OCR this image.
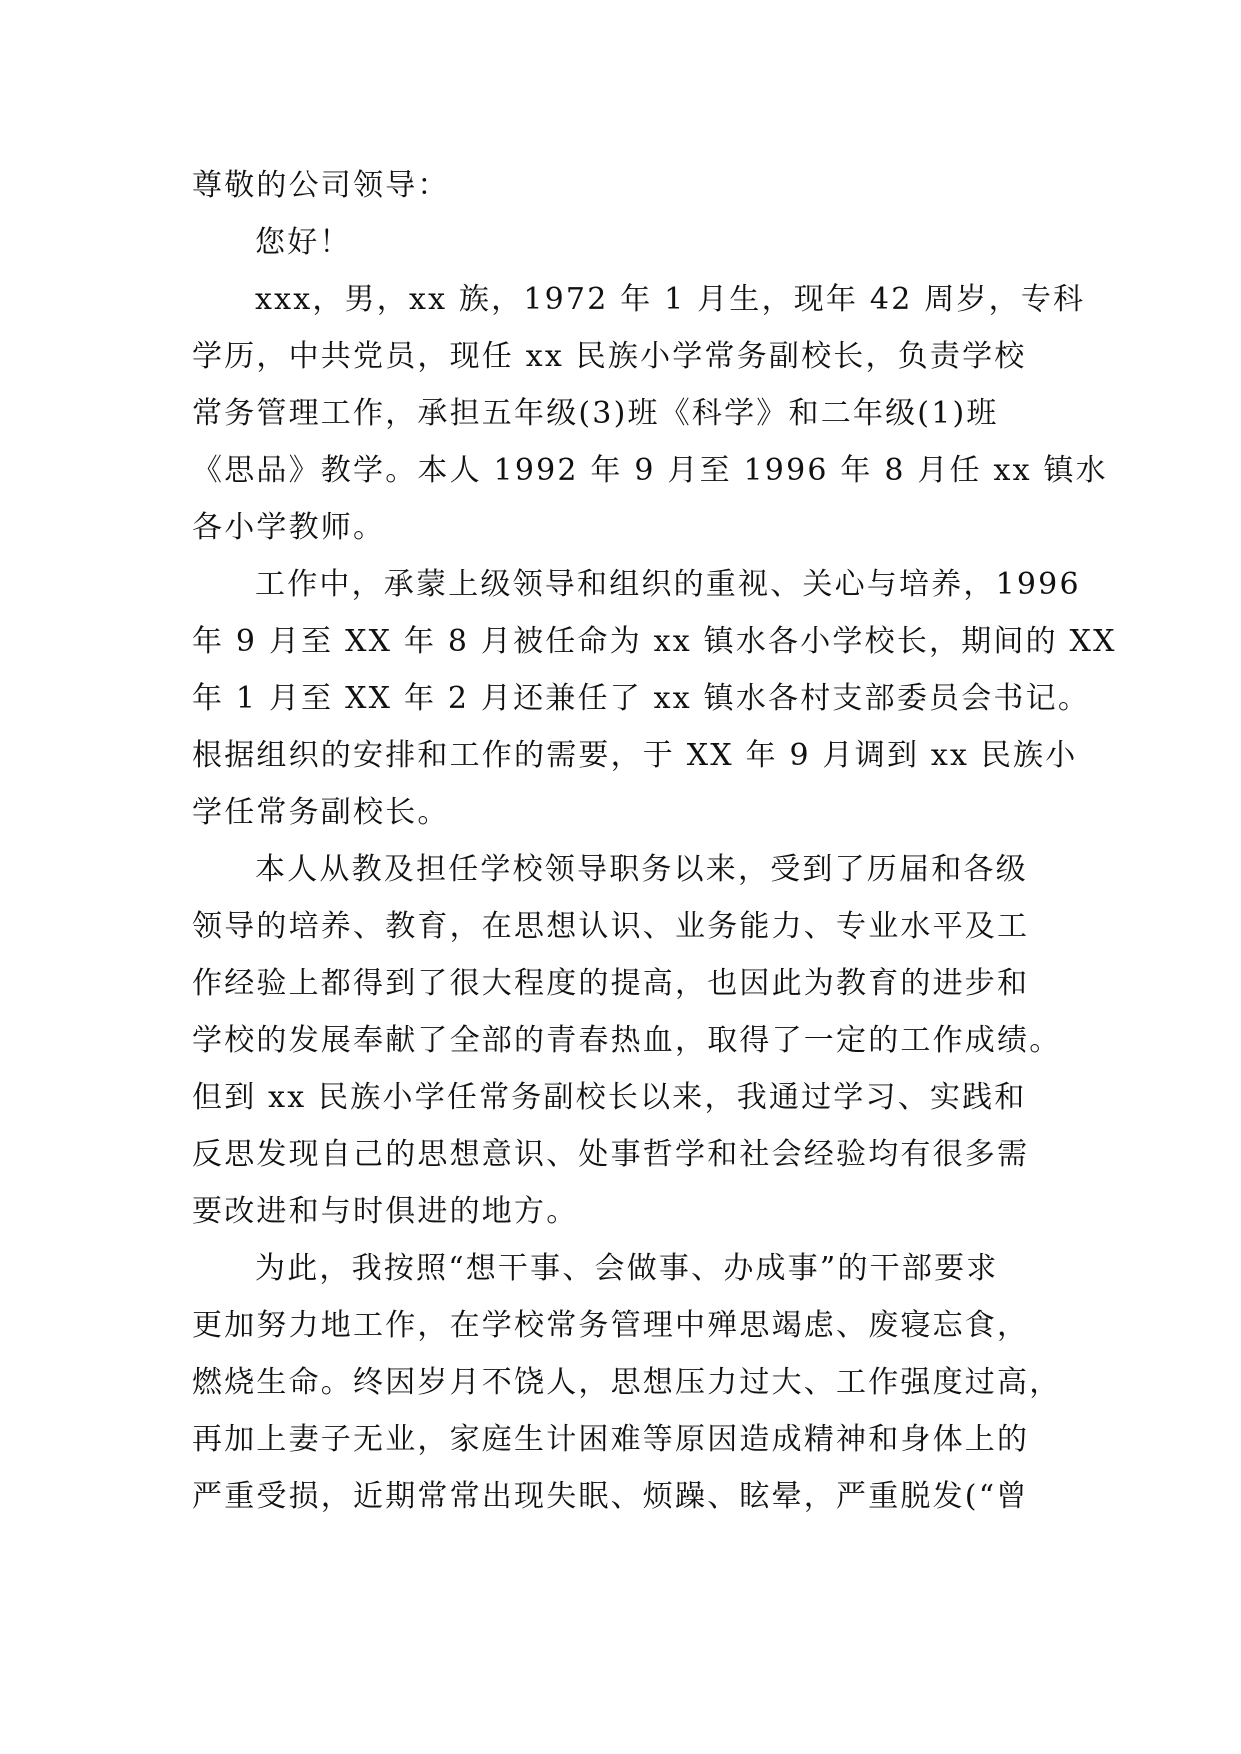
尊敬的公司领导：
您好！
xxx，男，xx 族，1972 年 1 月生，现年 42 周岁，专科
学历，中共党员，现任 xx 民族小学常务副校长，负责学校
常务管理工作，承担五年级(3)班《科学》和二年级(1)班
《思品》教学。本人 1992 年 9 月至 1996 年 8 月任 xx 镇水
各小学教师。
工作中，承蒙上级领导和组织的重视、关心与培养，1996
年 9 月至 XX 年 8 月被任命为 xx 镇水各小学校长，期间的 XX
年 1 月至 XX 年 2 月还兼任了 xx 镇水各村支部委员会书记。
根据组织的安排和工作的需要，于 XX 年 9 月调到 xx 民族小
学任常务副校长。
本人从教及担任学校领导职务以来，受到了历届和各级
领导的培养、教育，在思想认识、业务能力、专业水平及工
作经验上都得到了很大程度的提高，也因此为教育的进步和
学校的发展奉献了全部的青春热血，取得了一定的工作成绩。
但到 xx 民族小学任常务副校长以来，我通过学习、实践和
反思发现自己的思想意识、处事哲学和社会经验均有很多需
要改进和与时俱进的地方。
为此，我按照“想干事、会做事、办成事”的干部要求
更加努力地工作，在学校常务管理中殚思竭虑、废寝忘食，
燃烧生命。终因岁月不饶人，思想压力过大、工作强度过高，
再加上妻子无业，家庭生计困难等原因造成精神和身体上的
严重受损，近期常常出现失眠、烦躁、眩晕，严重脱发(“曾
